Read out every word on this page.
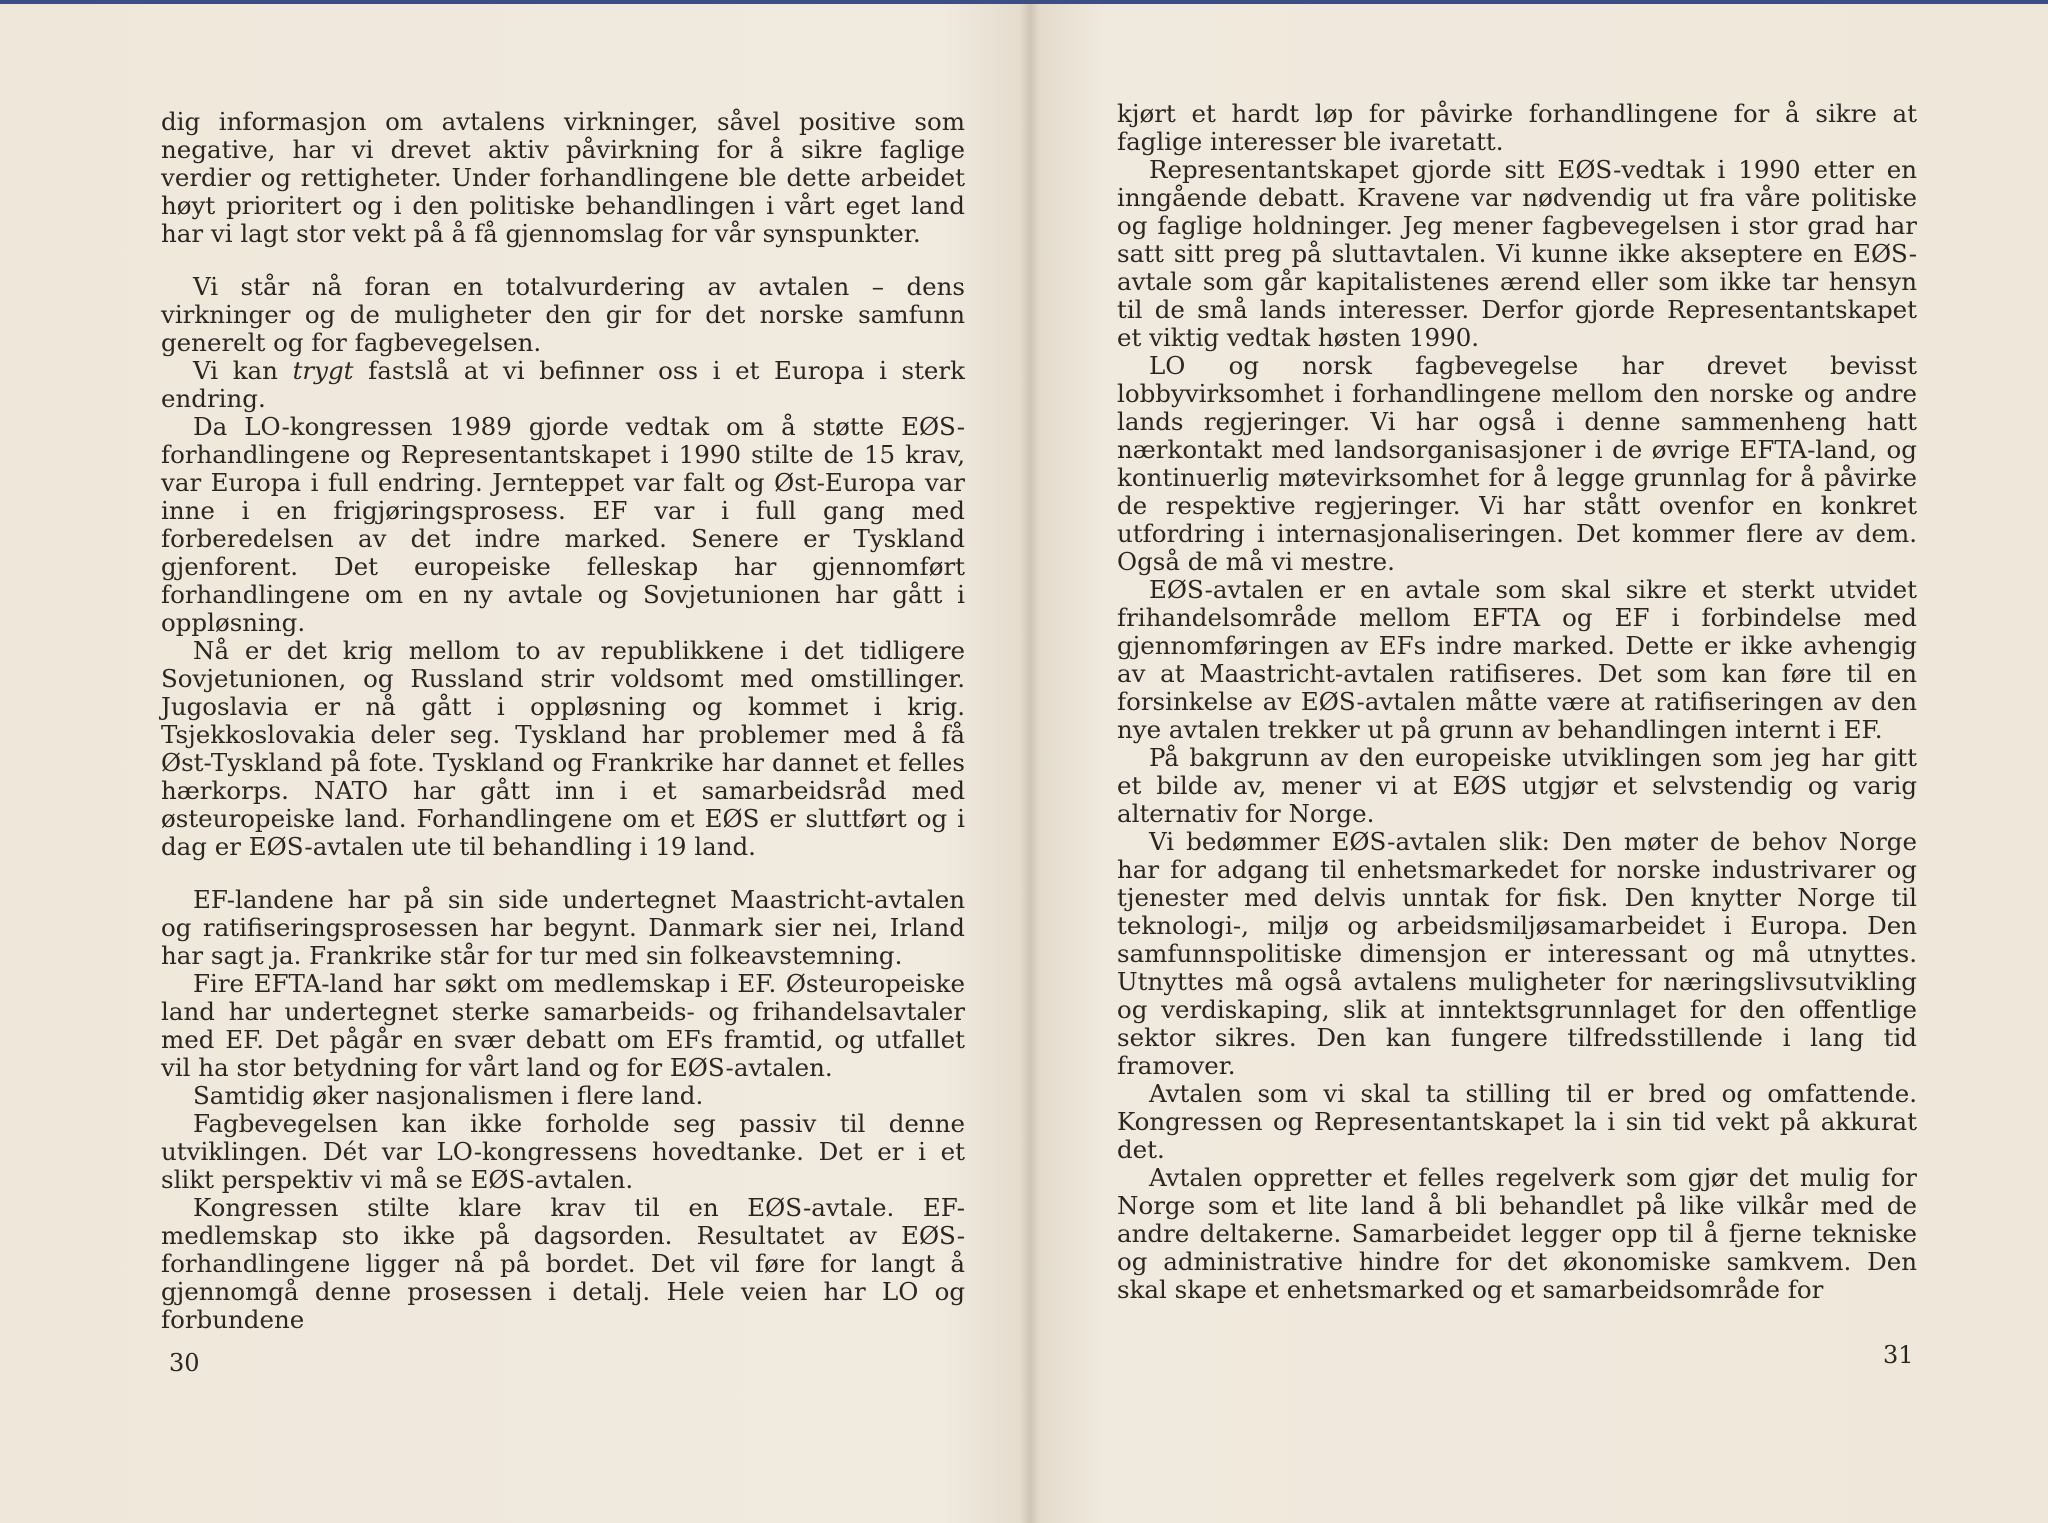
dig informasjon om avtalens virkninger, såvel positive som negative, har vi drevet aktiv påvirkning for å sikre faglige verdier og rettigheter. Under forhandlingene ble dette arbeidet høyt prioritert og i den politiske behandlingen i vårt eget land har vi lagt stor vekt på å få gjennomslag for vår synspunkter.

Vi står nå foran en totalvurdering av avtalen – dens virkninger og de muligheter den gir for det norske samfunn generelt og for fagbevegelsen.

Vi kan trygt fastslå at vi befinner oss i et Europa i sterk endring.

Da LO-kongressen 1989 gjorde vedtak om å støtte EØS-forhandlingene og Representantskapet i 1990 stilte de 15 krav, var Europa i full endring. Jernteppet var falt og Øst-Europa var inne i en frigjøringsprosess. EF var i full gang med forberedelsen av det indre marked. Senere er Tyskland gjenforent. Det europeiske felleskap har gjennomført forhandlingene om en ny avtale og Sovjetunionen har gått i oppløsning.

Nå er det krig mellom to av republikkene i det tidligere Sovjetunionen, og Russland strir voldsomt med omstillinger. Jugoslavia er nå gått i oppløsning og kommet i krig. Tsjekkoslovakia deler seg. Tyskland har problemer med å få Øst-Tyskland på fote. Tyskland og Frankrike har dannet et felles hærkorps. NATO har gått inn i et samarbeidsråd med østeuropeiske land. Forhandlingene om et EØS er sluttført og i dag er EØS-avtalen ute til behandling i 19 land.

EF-landene har på sin side undertegnet Maastricht-avtalen og ratifiseringsprosessen har begynt. Danmark sier nei, Irland har sagt ja. Frankrike står for tur med sin folkeavstemning.

Fire EFTA-land har søkt om medlemskap i EF. Østeuropeiske land har undertegnet sterke samarbeids- og frihandelsavtaler med EF. Det pågår en svær debatt om EFs framtid, og utfallet vil ha stor betydning for vårt land og for EØS-avtalen.

Samtidig øker nasjonalismen i flere land.

Fagbevegelsen kan ikke forholde seg passiv til denne utviklingen. Dét var LO-kongressens hovedtanke. Det er i et slikt perspektiv vi må se EØS-avtalen.

Kongressen stilte klare krav til en EØS-avtale. EF-medlemskap sto ikke på dagsorden. Resultatet av EØS-forhandlingene ligger nå på bordet. Det vil føre for langt å gjennomgå denne prosessen i detalj. Hele veien har LO og forbundene

30

kjørt et hardt løp for påvirke forhandlingene for å sikre at faglige interesser ble ivaretatt.

Representantskapet gjorde sitt EØS-vedtak i 1990 etter en inngående debatt. Kravene var nødvendig ut fra våre politiske og faglige holdninger. Jeg mener fagbevegelsen i stor grad har satt sitt preg på sluttavtalen. Vi kunne ikke akseptere en EØS-avtale som går kapitalistenes ærend eller som ikke tar hensyn til de små lands interesser. Derfor gjorde Representantskapet et viktig vedtak høsten 1990.

LO og norsk fagbevegelse har drevet bevisst lobbyvirksomhet i forhandlingene mellom den norske og andre lands regjeringer. Vi har også i denne sammenheng hatt nærkontakt med landsorganisasjoner i de øvrige EFTA-land, og kontinuerlig møtevirksomhet for å legge grunnlag for å påvirke de respektive regjeringer. Vi har stått ovenfor en konkret utfordring i internasjonaliseringen. Det kommer flere av dem. Også de må vi mestre.

EØS-avtalen er en avtale som skal sikre et sterkt utvidet frihandelsområde mellom EFTA og EF i forbindelse med gjennomføringen av EFs indre marked. Dette er ikke avhengig av at Maastricht-avtalen ratifiseres. Det som kan føre til en forsinkelse av EØS-avtalen måtte være at ratifiseringen av den nye avtalen trekker ut på grunn av behandlingen internt i EF.

På bakgrunn av den europeiske utviklingen som jeg har gitt et bilde av, mener vi at EØS utgjør et selvstendig og varig alternativ for Norge.

Vi bedømmer EØS-avtalen slik: Den møter de behov Norge har for adgang til enhetsmarkedet for norske industrivarer og tjenester med delvis unntak for fisk. Den knytter Norge til teknologi-, miljø og arbeidsmiljøsamarbeidet i Europa. Den samfunnspolitiske dimensjon er interessant og må utnyttes. Utnyttes må også avtalens muligheter for næringslivsutvikling og verdiskaping, slik at inntektsgrunnlaget for den offentlige sektor sikres. Den kan fungere tilfredsstillende i lang tid framover.

Avtalen som vi skal ta stilling til er bred og omfattende. Kongressen og Representantskapet la i sin tid vekt på akkurat det.

Avtalen oppretter et felles regelverk som gjør det mulig for Norge som et lite land å bli behandlet på like vilkår med de andre deltakerne. Samarbeidet legger opp til å fjerne tekniske og administrative hindre for det økonomiske samkvem. Den skal skape et enhetsmarked og et samarbeidsområde for

31
